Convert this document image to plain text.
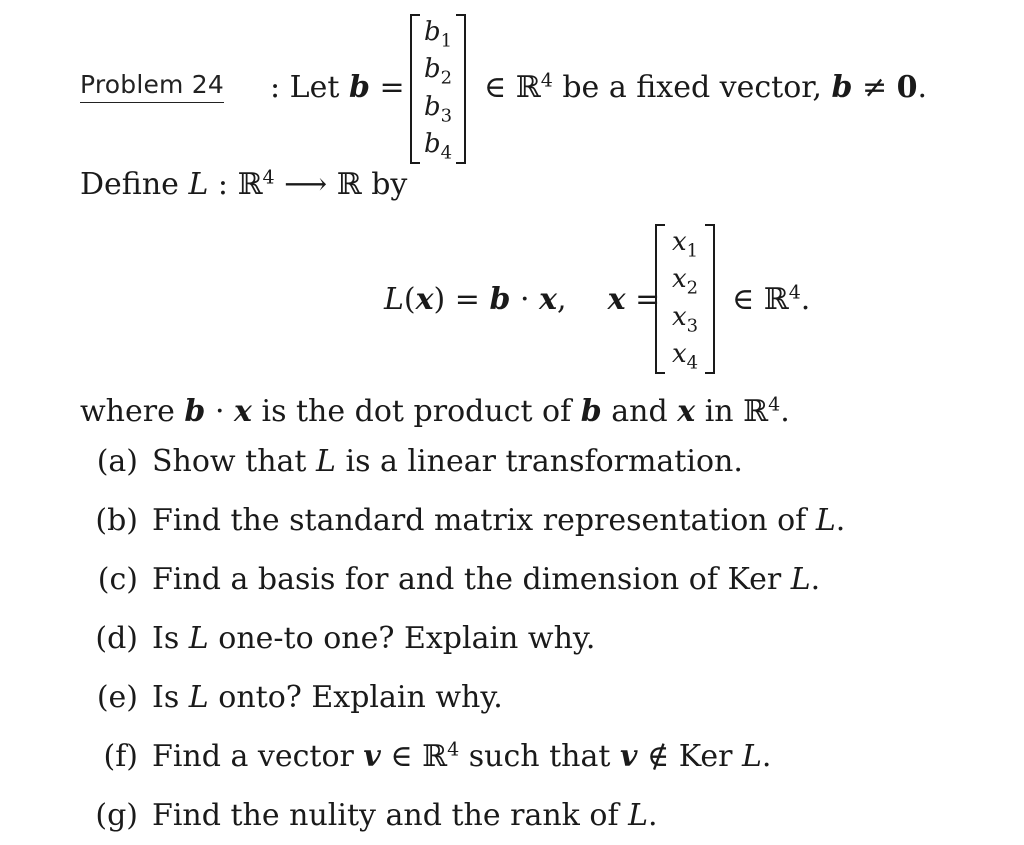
Problem 24 : Let b =
$b_1$
$b_2$
$b_3$
$b_4$
∈ ℝ$^4$ be a fixed vector, b ≠ 0.
Define L : ℝ$^4$ ⟶ ℝ by
L(x) = b · x, x =
$x_1$
$x_2$
$x_3$
$x_4$
∈ ℝ$^4$.
where b · x is the dot product of b and x in ℝ$^4$.
(a) Show that L is a linear transformation.
(b) Find the standard matrix representation of L.
(c) Find a basis for and the dimension of Ker L.
(d) Is L one-to one? Explain why.
(e) Is L onto? Explain why.
(f) Find a vector v ∈ ℝ$^4$ such that v ∉ Ker L.
(g) Find the nulity and the rank of L.
